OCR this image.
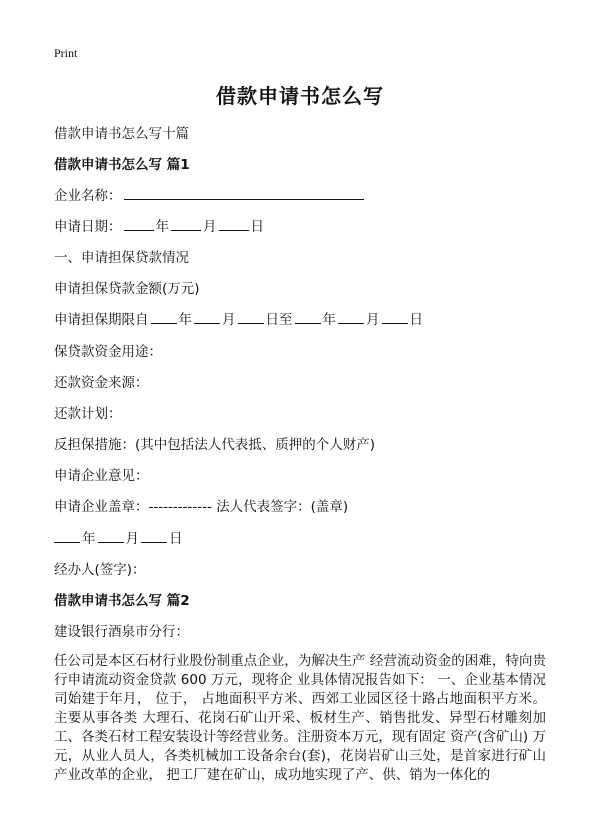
Print
借款申请书怎么写
借款申请书怎么写十篇
借款申请书怎么写 篇1
企业名称：
申请日期：	年	月	日
一、申请担保贷款情况
申请担保贷款金额(万元)
申请担保期限自 年 月 日至 年 月 日
保贷款资金用途：
还款资金来源：
还款计划：
反担保措施：(其中包括法人代表抵、质押的个人财产)
申请企业意见：
申请企业盖章：------------- 法人代表签字：(盖章)
年 月 日
经办人(签字)：
借款申请书怎么写 篇2
建设银行酒泉市分行：
任公司是本区石材行业股份制重点企业，为解决生产 经营流动资金的困难，特向贵行申请流动资金贷款 600 万元，现将企 业具体情况报告如下： 一、企业基本情况司始建于年月， 位于， 占地面积平方米、西郊工业园区径十路占地面积平方米。主要从事各类 大理石、花岗石矿山开采、板材生产、销售批发、异型石材雕刻加工、各类石材工程安装设计等经营业务。注册资本万元，现有固定 资产(含矿山) 万元，从业人员人，各类机械加工设备余台(套)，花岗岩矿山三处，是首家进行矿山产业改革的企业， 把工厂建在矿山，成功地实现了产、供、销为一体化的
